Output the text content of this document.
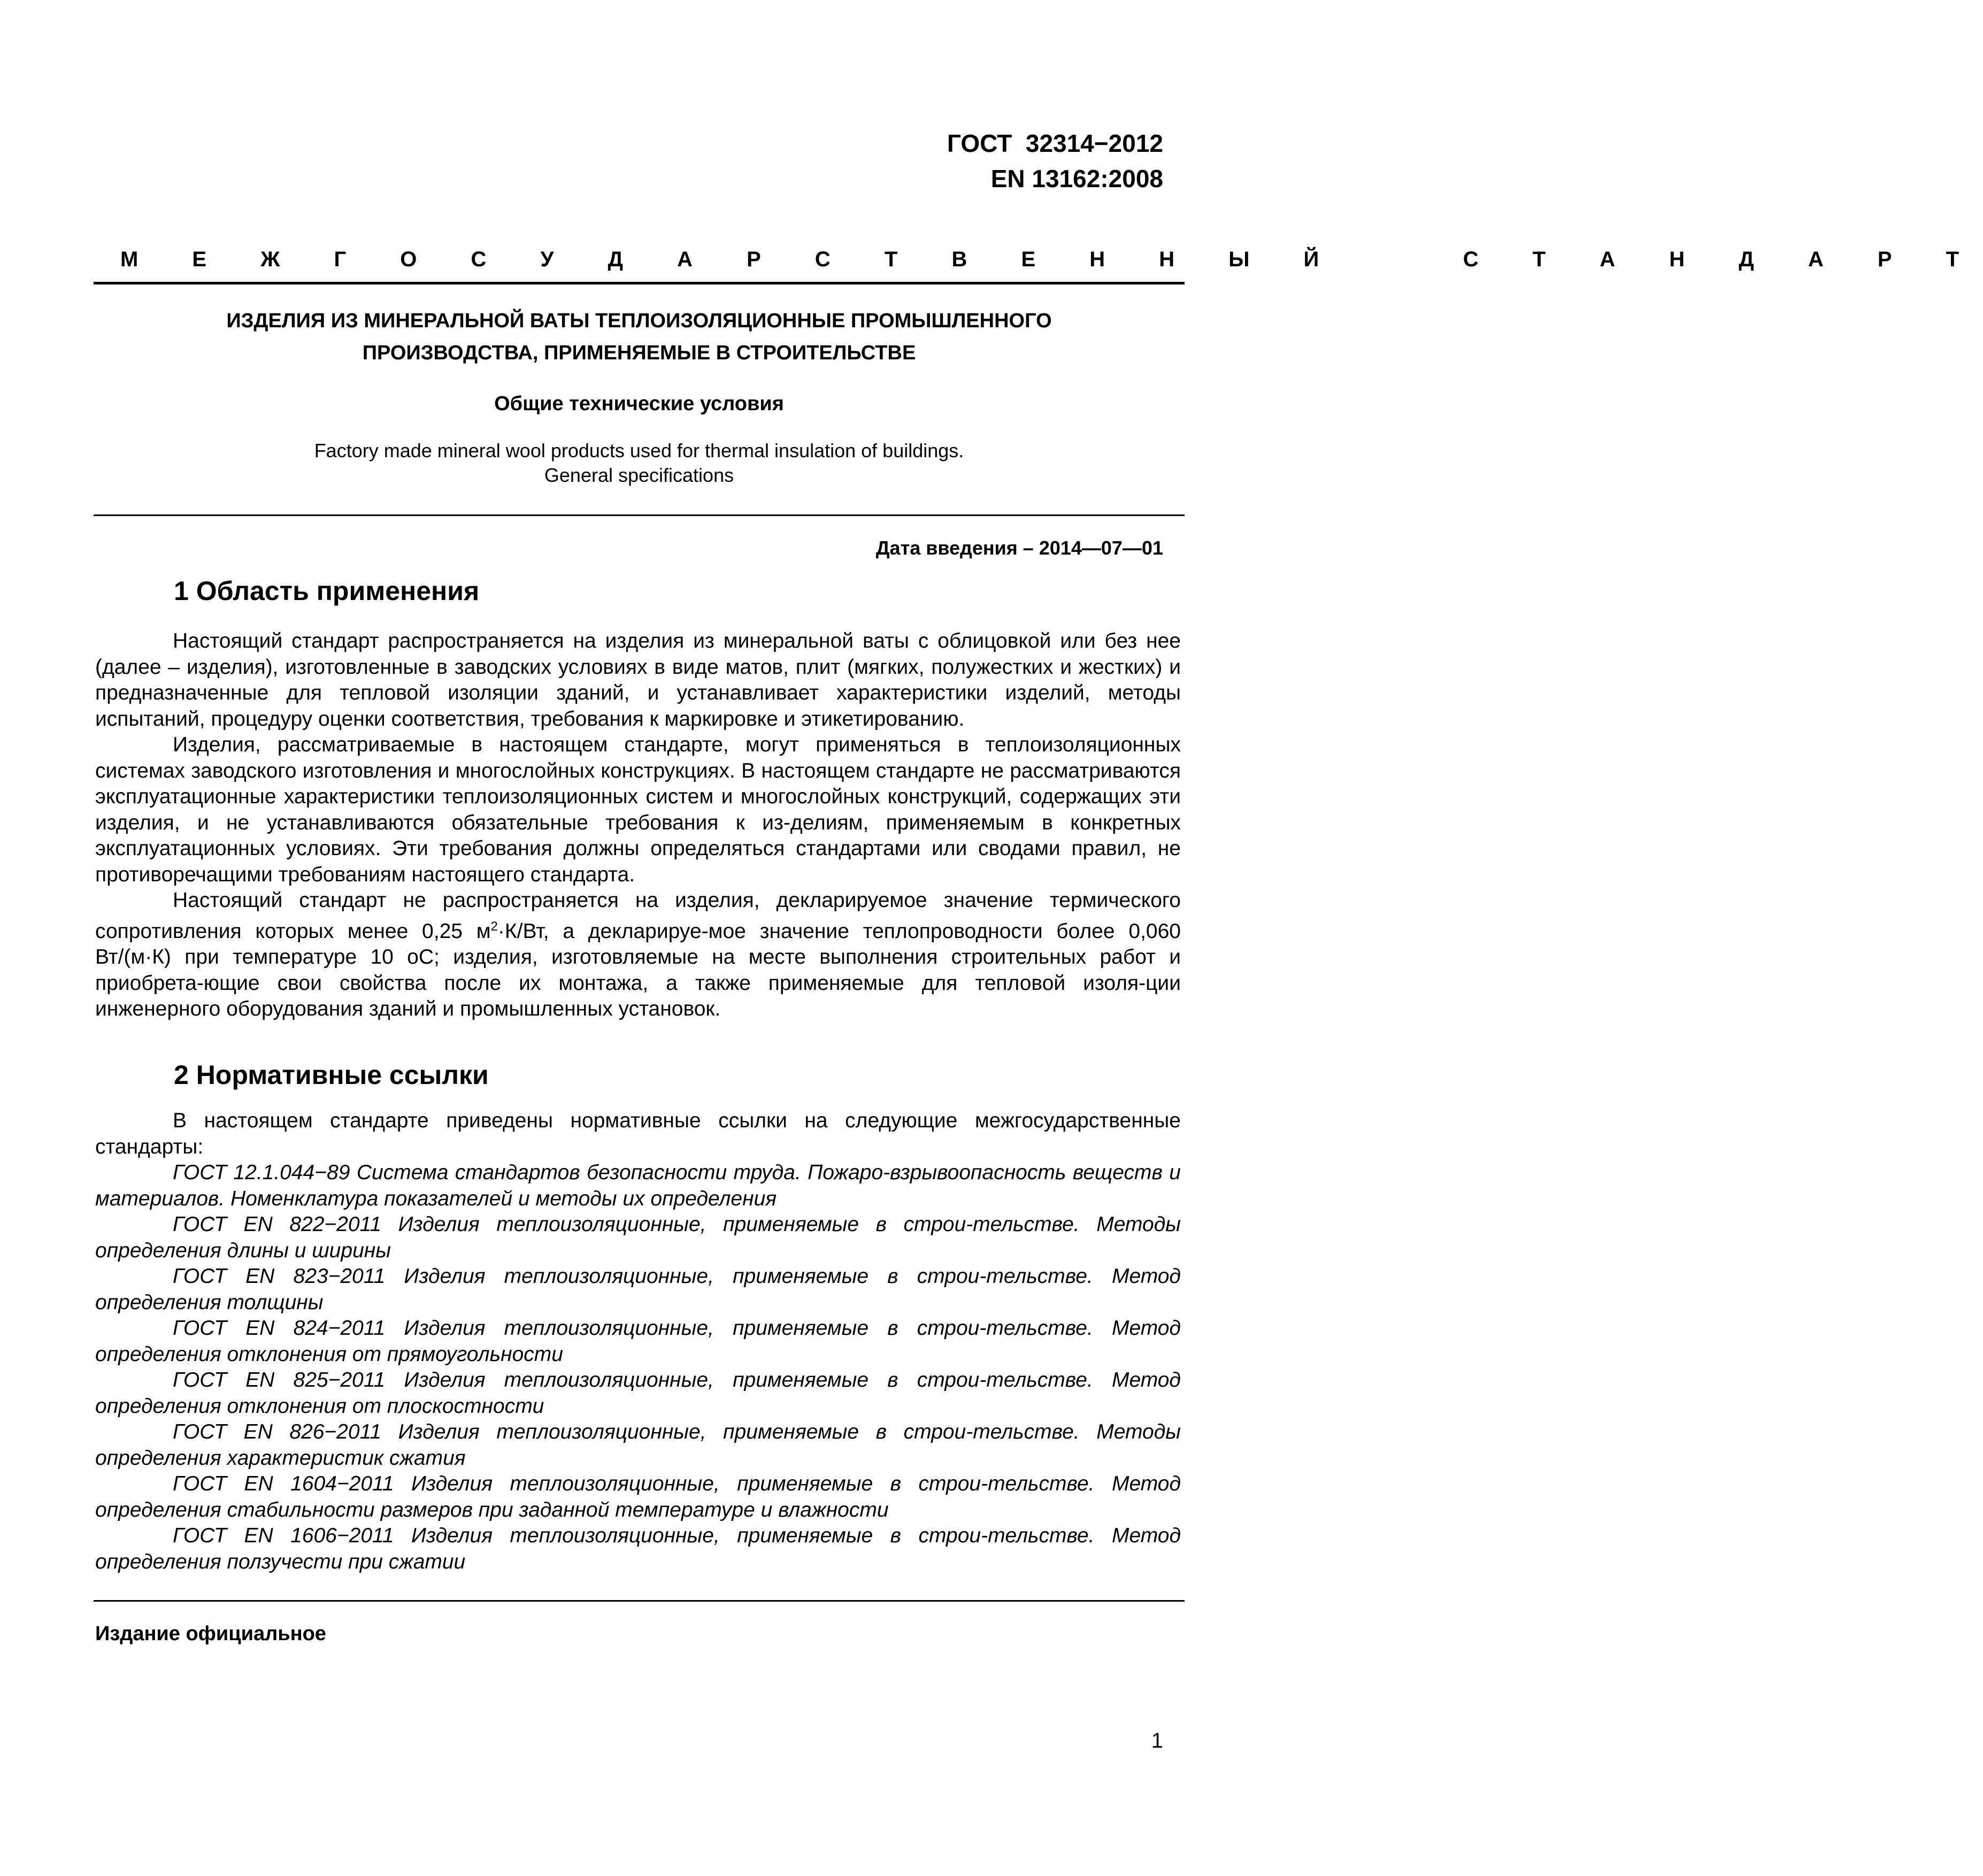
ГОСТ  32314−2012
EN 13162:2008
М Е Ж Г О С У Д А Р С Т В Е Н Н Ы Й    С Т А Н Д А Р Т
ИЗДЕЛИЯ ИЗ МИНЕРАЛЬНОЙ ВАТЫ ТЕПЛОИЗОЛЯЦИОННЫЕ ПРОМЫШЛЕННОГО
ПРОИЗВОДСТВА, ПРИМЕНЯЕМЫЕ В СТРОИТЕЛЬСТВЕ
Общие технические условия
Factory made mineral wool products used for thermal insulation of buildings.
General specifications
Дата введения – 2014—07—01
1 Область применения

Настоящий стандарт распространяется на изделия из минеральной ваты с облицовкой или без нее (далее – изделия), изготовленные в заводских условиях в виде матов, плит (мягких, полужестких и жестких) и предназначенные для тепловой изоляции зданий, и устанавливает характеристики изделий, методы испытаний, процедуру оценки соответствия, требования к маркировке и этикетированию.

Изделия, рассматриваемые в настоящем стандарте, могут применяться в теплоизоляционных системах заводского изготовления и многослойных конструкциях. В настоящем стандарте не рассматриваются эксплуатационные характеристики теплоизоляционных систем и многослойных конструкций, содержащих эти изделия, и не устанавливаются обязательные требования к из-делиям, применяемым в конкретных эксплуатационных условиях. Эти требования должны определяться стандартами или сводами правил, не противоречащими требованиям настоящего стандарта.

Настоящий стандарт не распространяется на изделия, декларируемое значение термического сопротивления которых менее 0,25 $м^2\cdot К/Вт$, а декларируе-мое значение теплопроводности более 0,060 Вт/(м·К) при температуре 10 оС; изделия, изготовляемые на месте выполнения строительных работ и приобрета-ющие свои свойства после их монтажа, а также применяемые для тепловой изоля-ции инженерного оборудования зданий и промышленных установок.

2 Нормативные ссылки

В настоящем стандарте приведены нормативные ссылки на следующие межгосударственные стандарты:

ГОСТ 12.1.044−89 Система стандартов безопасности труда. Пожаро-взрывоопасность веществ и материалов. Номенклатура показателей и методы их определения

ГОСТ EN 822−2011 Изделия теплоизоляционные, применяемые в строи-тельстве. Методы определения длины и ширины

ГОСТ EN 823−2011 Изделия теплоизоляционные, применяемые в строи-тельстве. Метод определения толщины

ГОСТ EN 824−2011 Изделия теплоизоляционные, применяемые в строи-тельстве. Метод определения отклонения от прямоугольности

ГОСТ EN 825−2011 Изделия теплоизоляционные, применяемые в строи-тельстве. Метод определения отклонения от плоскостности

ГОСТ EN 826−2011 Изделия теплоизоляционные, применяемые в строи-тельстве. Методы определения характеристик сжатия

ГОСТ EN 1604−2011 Изделия теплоизоляционные, применяемые в строи-тельстве. Метод определения стабильности размеров при заданной температуре и влажности

ГОСТ EN 1606−2011 Изделия теплоизоляционные, применяемые в строи-тельстве. Метод определения ползучести при сжатии

Издание официальное
1
